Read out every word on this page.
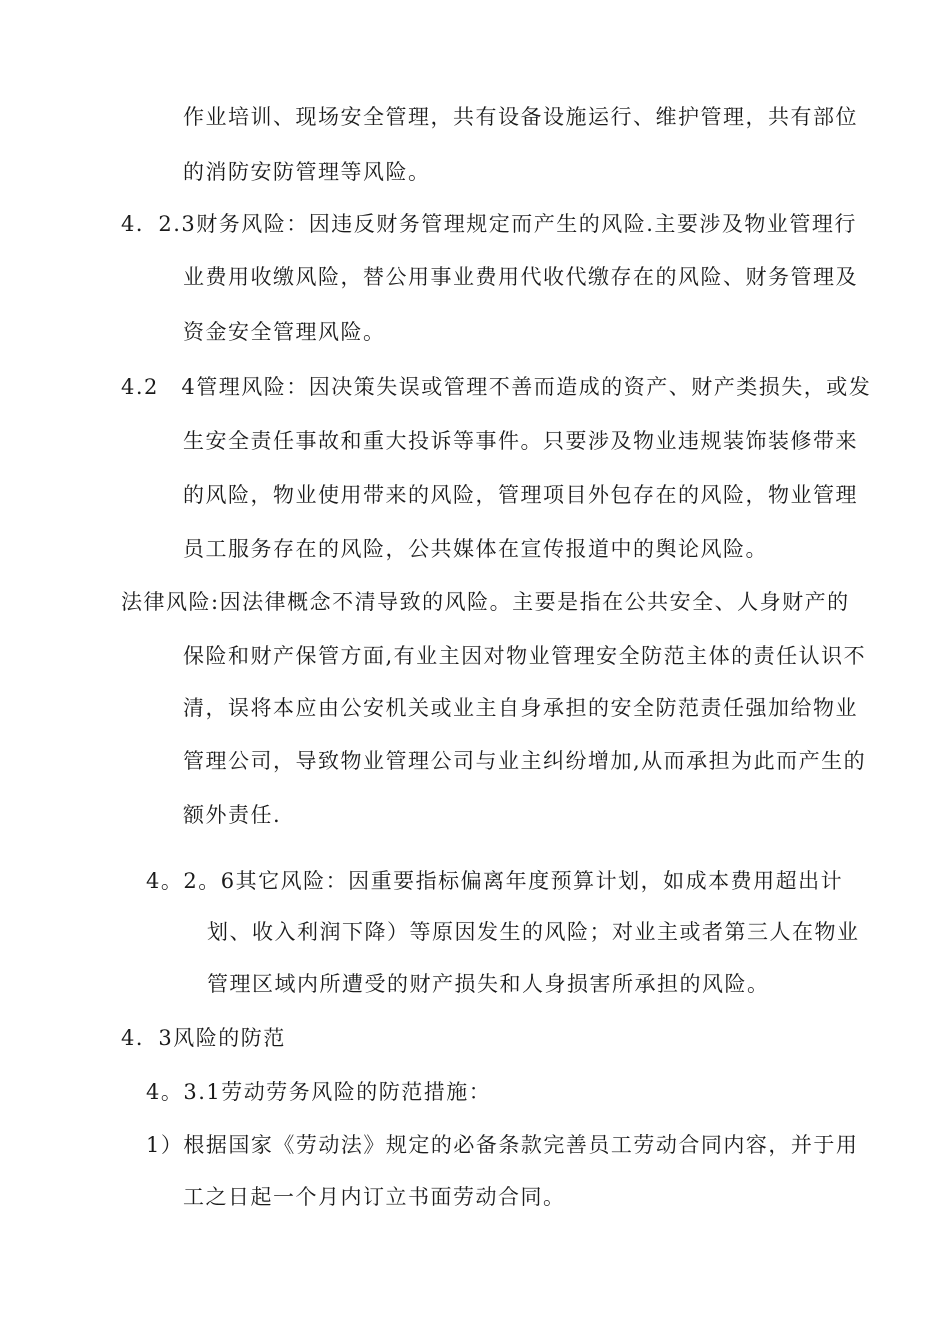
作业培训、现场安全管理，共有设备设施运行、维护管理，共有部位
的消防安防管理等风险。
4．2.3财务风险：因违反财务管理规定而产生的风险.主要涉及物业管理行
业费用收缴风险，替公用事业费用代收代缴存在的风险、财务管理及
资金安全管理风险。
4.2　4管理风险：因决策失误或管理不善而造成的资产、财产类损失，或发
生安全责任事故和重大投诉等事件。只要涉及物业违规装饰装修带来
的风险，物业使用带来的风险，管理项目外包存在的风险，物业管理
员工服务存在的风险，公共媒体在宣传报道中的舆论风险。
法律风险:因法律概念不清导致的风险。主要是指在公共安全、人身财产的
保险和财产保管方面,有业主因对物业管理安全防范主体的责任认识不
清，误将本应由公安机关或业主自身承担的安全防范责任强加给物业
管理公司，导致物业管理公司与业主纠纷增加,从而承担为此而产生的
额外责任.
4。2。6其它风险：因重要指标偏离年度预算计划，如成本费用超出计
划、收入利润下降）等原因发生的风险；对业主或者第三人在物业
管理区域内所遭受的财产损失和人身损害所承担的风险。
4．3风险的防范
4。3.1劳动劳务风险的防范措施：
1）根据国家《劳动法》规定的必备条款完善员工劳动合同内容，并于用
工之日起一个月内订立书面劳动合同。
